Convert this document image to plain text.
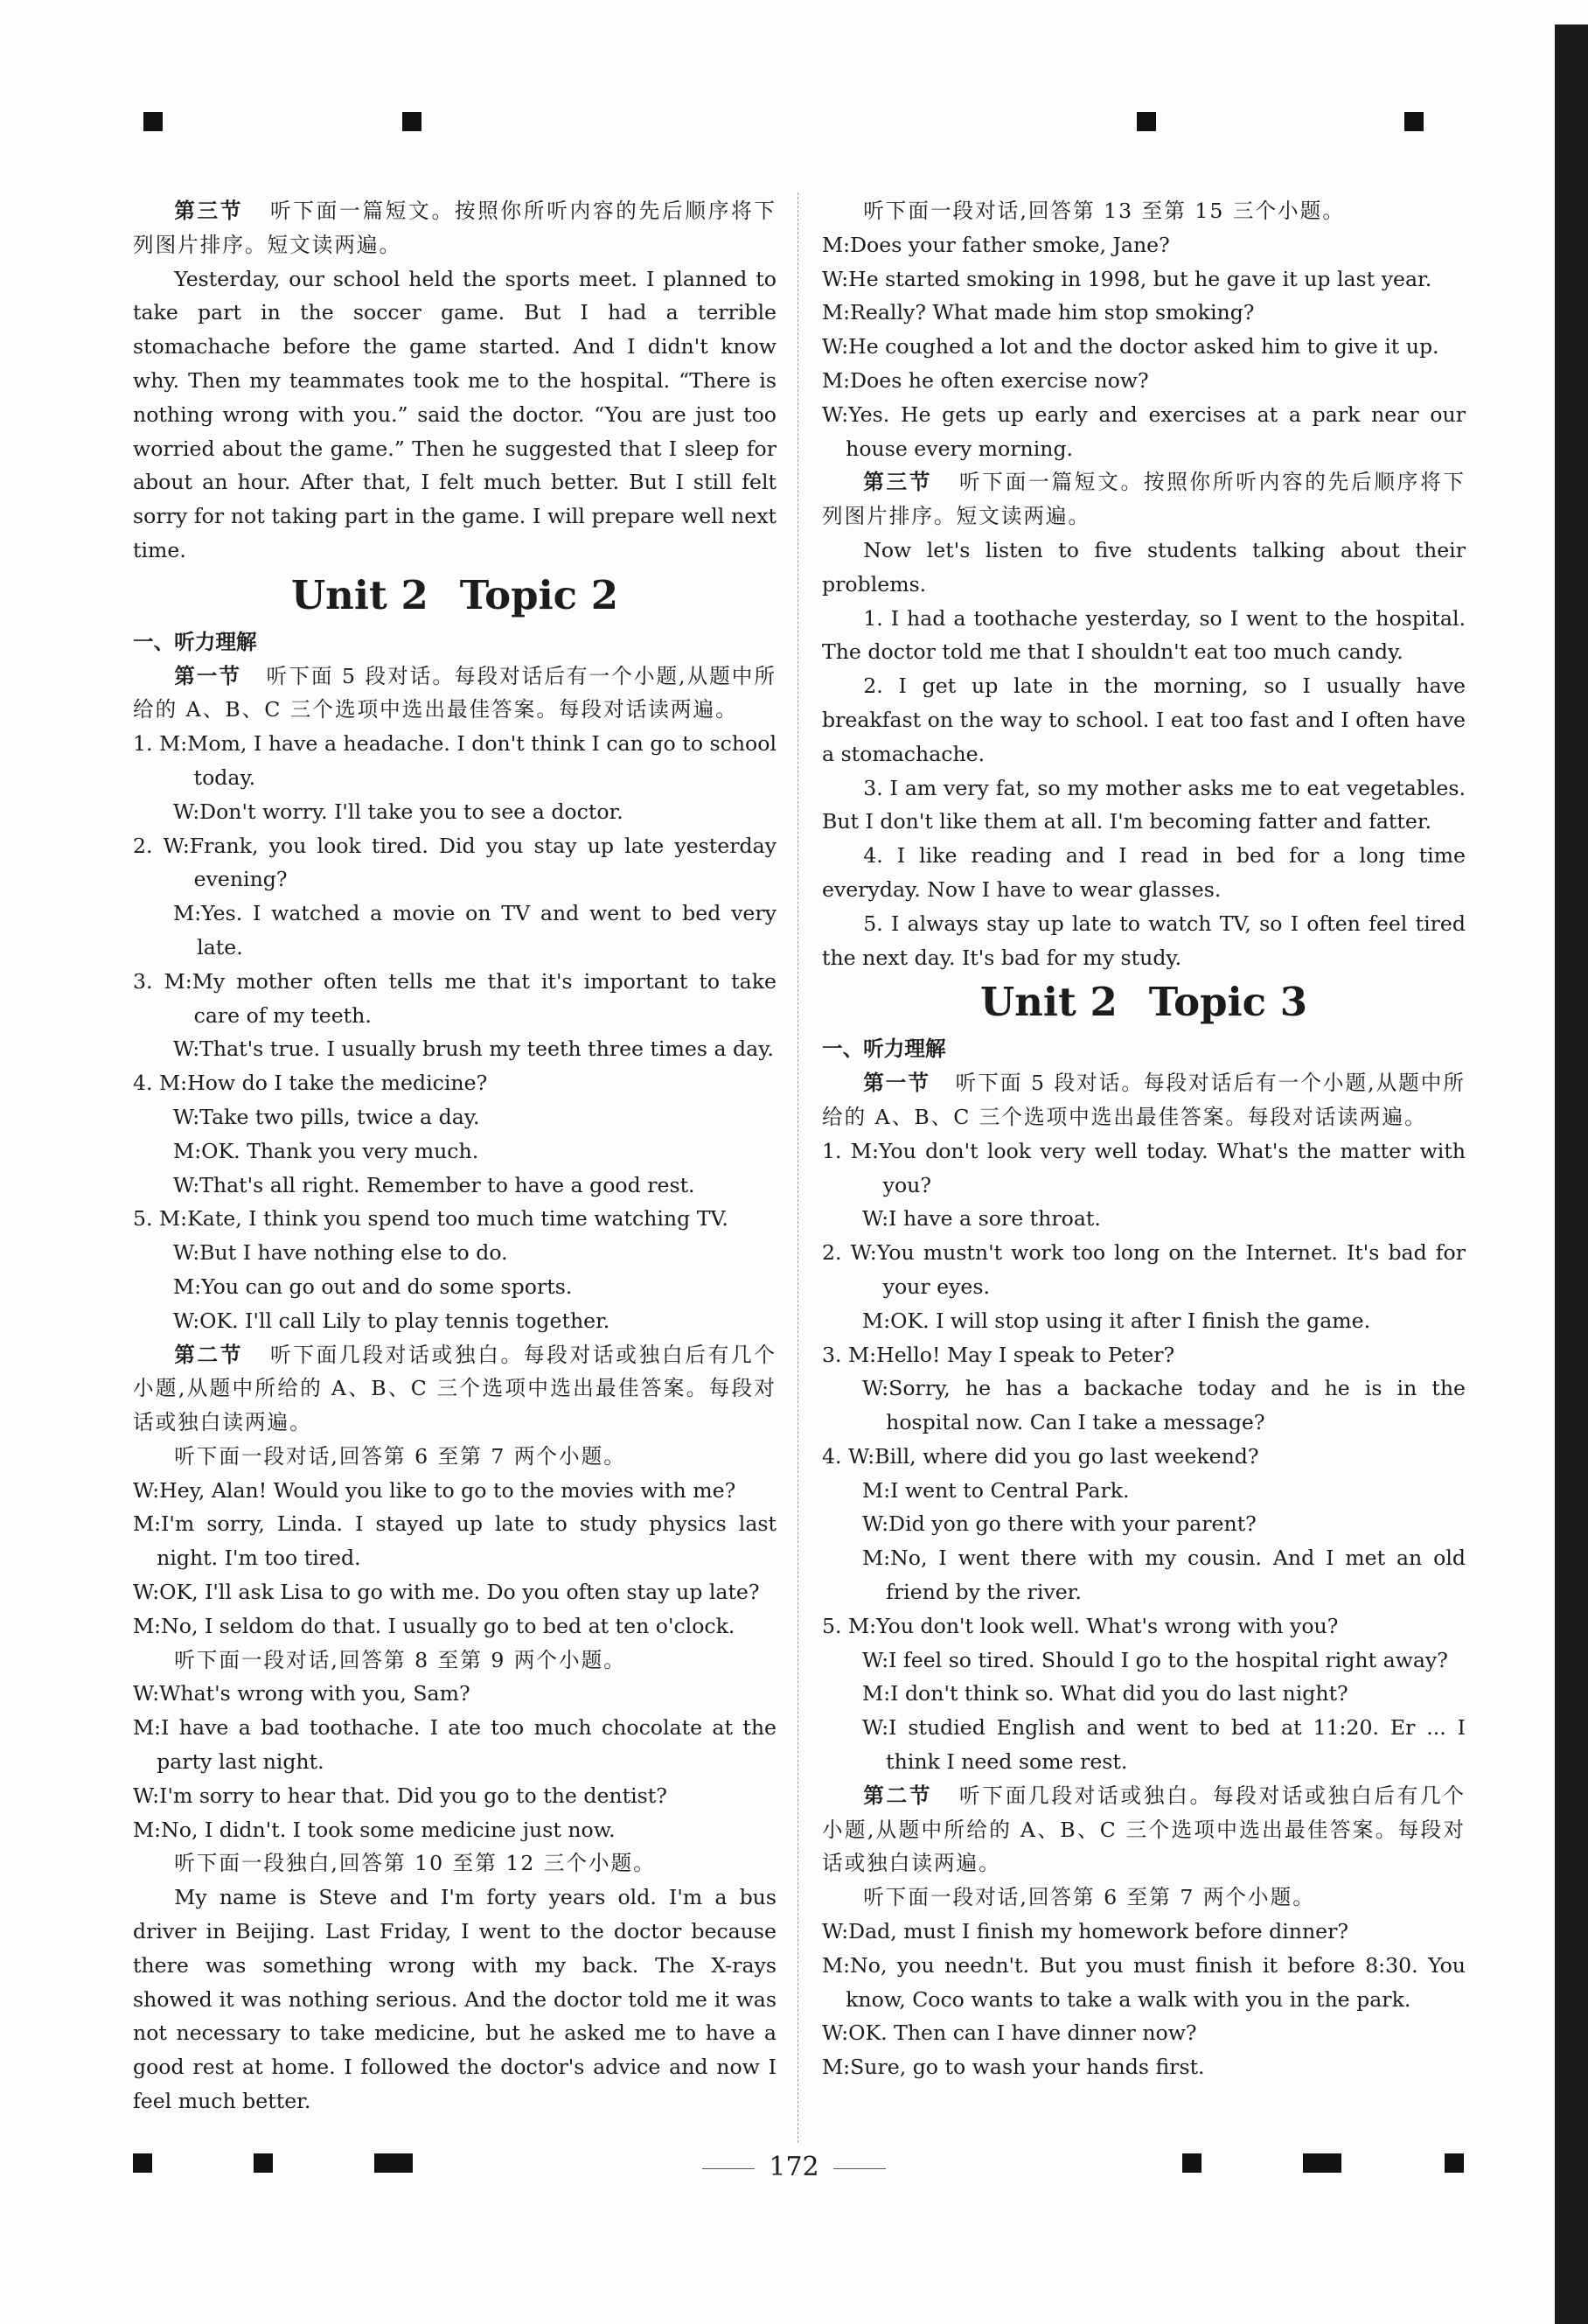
第三节 听下面一篇短文。按照你所听内容的先后顺序将下列图片排序。短文读两遍。

Yesterday, our school held the sports meet. I planned to take part in the soccer game. But I had a terrible stomachache before the game started. And I didn't know why. Then my teammates took me to the hospital. “There is nothing wrong with you.” said the doctor. “You are just too worried about the game.” Then he suggested that I sleep for about an hour. After that, I felt much better. But I still felt sorry for not taking part in the game. I will prepare well next time.

Unit 2 Topic 2

一、听力理解

第一节 听下面 5 段对话。每段对话后有一个小题,从题中所给的 A、B、C 三个选项中选出最佳答案。每段对话读两遍。

1. M:Mom, I have a headache. I don't think I can go to school today.

W:Don't worry. I'll take you to see a doctor.

2. W:Frank, you look tired. Did you stay up late yesterday evening?

M:Yes. I watched a movie on TV and went to bed very late.

3. M:My mother often tells me that it's important to take care of my teeth.

W:That's true. I usually brush my teeth three times a day.

4. M:How do I take the medicine?

W:Take two pills, twice a day.

M:OK. Thank you very much.

W:That's all right. Remember to have a good rest.

5. M:Kate, I think you spend too much time watching TV.

W:But I have nothing else to do.

M:You can go out and do some sports.

W:OK. I'll call Lily to play tennis together.

第二节 听下面几段对话或独白。每段对话或独白后有几个小题,从题中所给的 A、B、C 三个选项中选出最佳答案。每段对话或独白读两遍。

听下面一段对话,回答第 6 至第 7 两个小题。

W:Hey, Alan! Would you like to go to the movies with me?

M:I'm sorry, Linda. I stayed up late to study physics last night. I'm too tired.

W:OK, I'll ask Lisa to go with me. Do you often stay up late?

M:No, I seldom do that. I usually go to bed at ten o'clock.

听下面一段对话,回答第 8 至第 9 两个小题。

W:What's wrong with you, Sam?

M:I have a bad toothache. I ate too much chocolate at the party last night.

W:I'm sorry to hear that. Did you go to the dentist?

M:No, I didn't. I took some medicine just now.

听下面一段独白,回答第 10 至第 12 三个小题。

My name is Steve and I'm forty years old. I'm a bus driver in Beijing. Last Friday, I went to the doctor because there was something wrong with my back. The X-rays showed it was nothing serious. And the doctor told me it was not necessary to take medicine, but he asked me to have a good rest at home. I followed the doctor's advice and now I feel much better.

听下面一段对话,回答第 13 至第 15 三个小题。

M:Does your father smoke, Jane?

W:He started smoking in 1998, but he gave it up last year.

M:Really? What made him stop smoking?

W:He coughed a lot and the doctor asked him to give it up.

M:Does he often exercise now?

W:Yes. He gets up early and exercises at a park near our house every morning.

第三节 听下面一篇短文。按照你所听内容的先后顺序将下列图片排序。短文读两遍。

Now let's listen to five students talking about their problems.

1. I had a toothache yesterday, so I went to the hospital. The doctor told me that I shouldn't eat too much candy.

2. I get up late in the morning, so I usually have breakfast on the way to school. I eat too fast and I often have a stomachache.

3. I am very fat, so my mother asks me to eat vegetables. But I don't like them at all. I'm becoming fatter and fatter.

4. I like reading and I read in bed for a long time everyday. Now I have to wear glasses.

5. I always stay up late to watch TV, so I often feel tired the next day. It's bad for my study.

Unit 2 Topic 3

一、听力理解

第一节 听下面 5 段对话。每段对话后有一个小题,从题中所给的 A、B、C 三个选项中选出最佳答案。每段对话读两遍。

1. M:You don't look very well today. What's the matter with you?

W:I have a sore throat.

2. W:You mustn't work too long on the Internet. It's bad for your eyes.

M:OK. I will stop using it after I finish the game.

3. M:Hello! May I speak to Peter?

W:Sorry, he has a backache today and he is in the hospital now. Can I take a message?

4. W:Bill, where did you go last weekend?

M:I went to Central Park.

W:Did yon go there with your parent?

M:No, I went there with my cousin. And I met an old friend by the river.

5. M:You don't look well. What's wrong with you?

W:I feel so tired. Should I go to the hospital right away?

M:I don't think so. What did you do last night?

W:I studied English and went to bed at 11:20. Er ... I think I need some rest.

第二节 听下面几段对话或独白。每段对话或独白后有几个小题,从题中所给的 A、B、C 三个选项中选出最佳答案。每段对话或独白读两遍。

听下面一段对话,回答第 6 至第 7 两个小题。

W:Dad, must I finish my homework before dinner?

M:No, you needn't. But you must finish it before 8:30. You know, Coco wants to take a walk with you in the park.

W:OK. Then can I have dinner now?

M:Sure, go to wash your hands first.

172
